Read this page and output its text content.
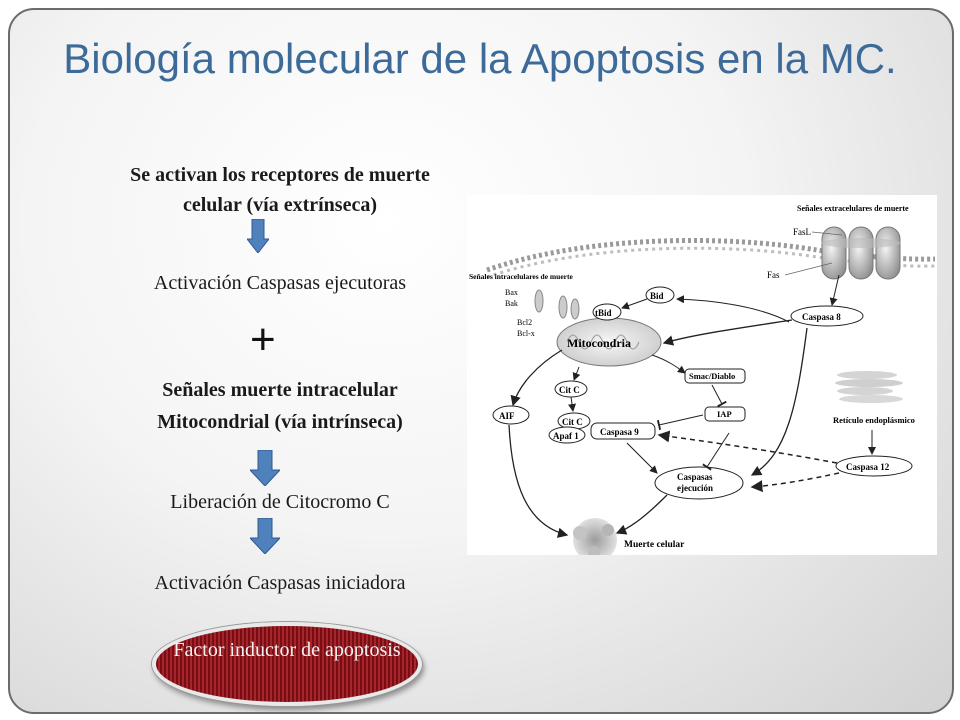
Biología molecular de la Apoptosis en la MC.
Se activan los receptores de muerte
celular (vía extrínseca)
Activación Caspasas ejecutoras
+
Señales muerte intracelular
Mitocondrial (vía intrínseca)
Liberación de Citocromo C
Activación Caspasas iniciadora
Factor inductor de apoptosis
Señales extracelulares de muerte
FasL
Fas
Señales intracelulares de muerte
Bax
Bak
Bcl2
Bcl-x
Mitocondria
tBid
Bid
Caspasa 8
Smac/Diablo
Cit C
AIF	IAP
Cit C
Apaf 1 Caspasa 9
Retículo endoplásmico
Caspasa 12
Caspasas
ejecución
Muerte celular
